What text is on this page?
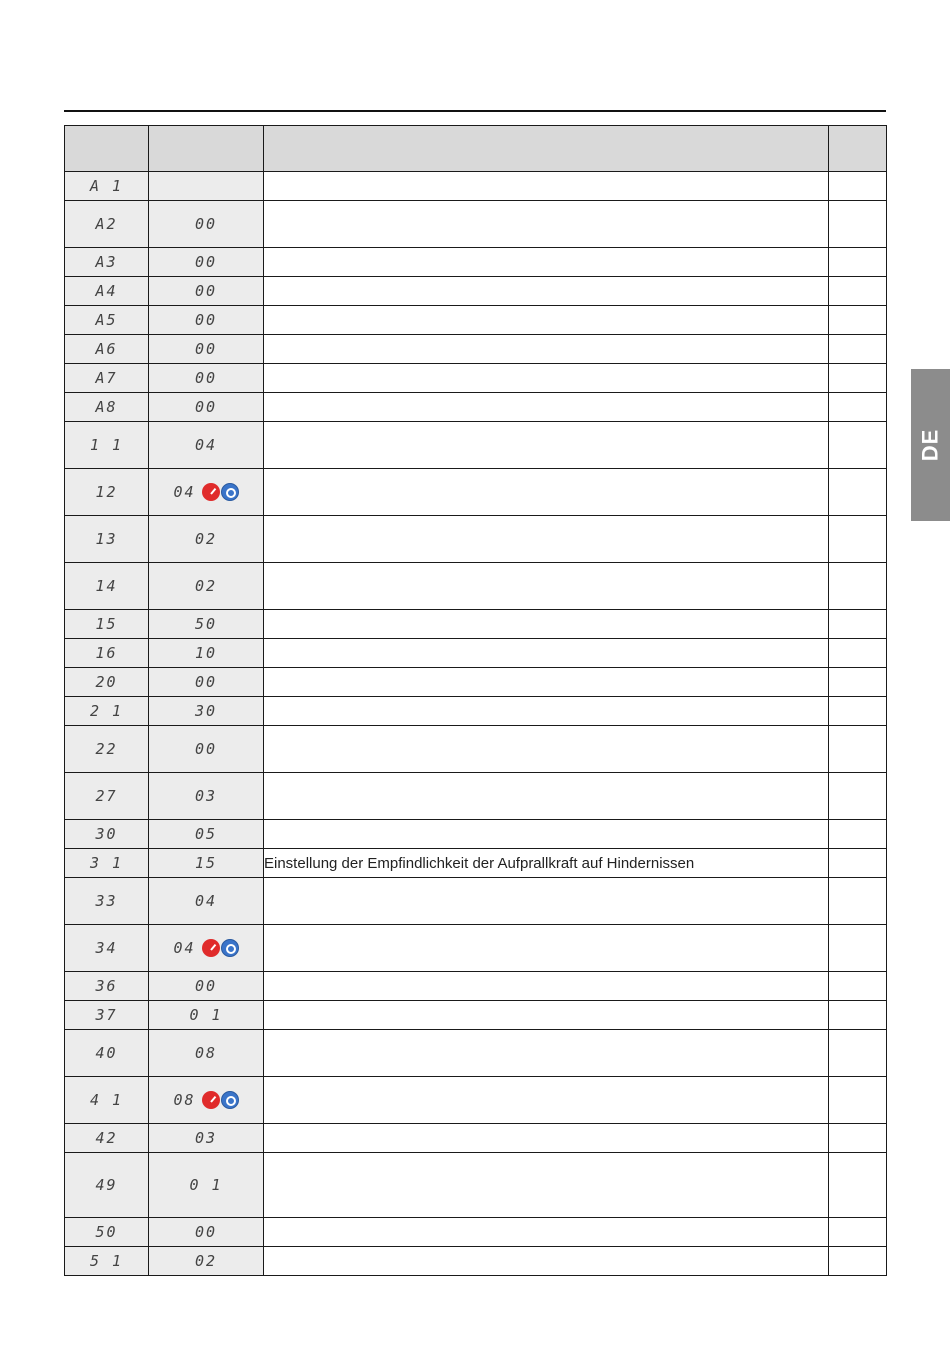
DE

A 1	

A2	00		

A3	00		

A4	00		

A5	00		

A6	00		

A7	00		

A8	00		

1 1	04		

12	04		

13	02		

14	02		

15	50		

16	10		

20	00		

2 1	30		

22	00		

27	03		

30	05		

3 1	15	Einstellung der Empfindlichkeit der Aufprallkraft auf Hindernissen	
33	04		

34	04		

36	00		

37	0 1		

40	08		

4 1	08		

42	03		

49	0 1		

50	00		

5 1	02		
